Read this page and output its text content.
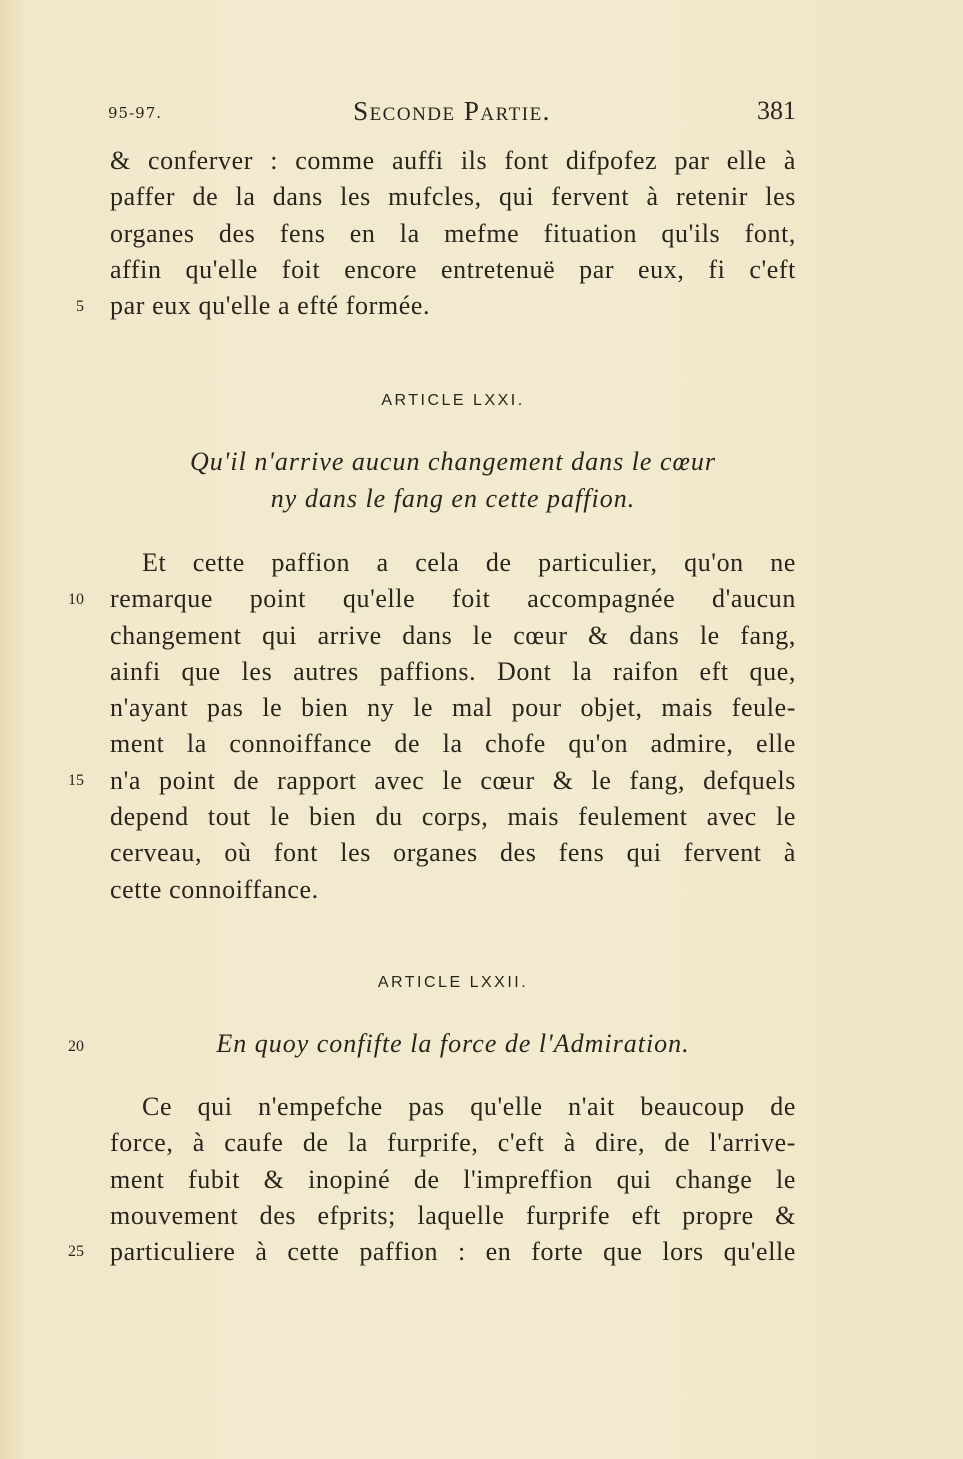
95-97.	Seconde Partie.	381
& conferver : comme auffi ils font difpofez par elle à
paffer de la dans les mufcles, qui fervent à retenir les
organes des fens en la mefme fituation qu'ils font,
affin qu'elle foit encore entretenuë par eux, fi c'eft
par eux qu'elle a efté formée.
5
ARTICLE LXXI.
Qu'il n'arrive aucun changement dans le cœur
ny dans le fang en cette paffion.
Et cette paffion a cela de particulier, qu'on ne
remarque point qu'elle foit accompagnée d'aucun
changement qui arrive dans le cœur & dans le fang,
ainfi que les autres paffions. Dont la raifon eft que,
n'ayant pas le bien ny le mal pour objet, mais feule-
ment la connoiffance de la chofe qu'on admire, elle
n'a point de rapport avec le cœur & le fang, defquels
depend tout le bien du corps, mais feulement avec le
cerveau, où font les organes des fens qui fervent à
cette connoiffance.
10
15
ARTICLE LXXII.
20	En quoy confifte la force de l'Admiration.
Ce qui n'empefche pas qu'elle n'ait beaucoup de
force, à caufe de la furprife, c'eft à dire, de l'arrive-
ment fubit & inopiné de l'impreffion qui change le
mouvement des efprits; laquelle furprife eft propre &
particuliere à cette paffion : en forte que lors qu'elle
25
